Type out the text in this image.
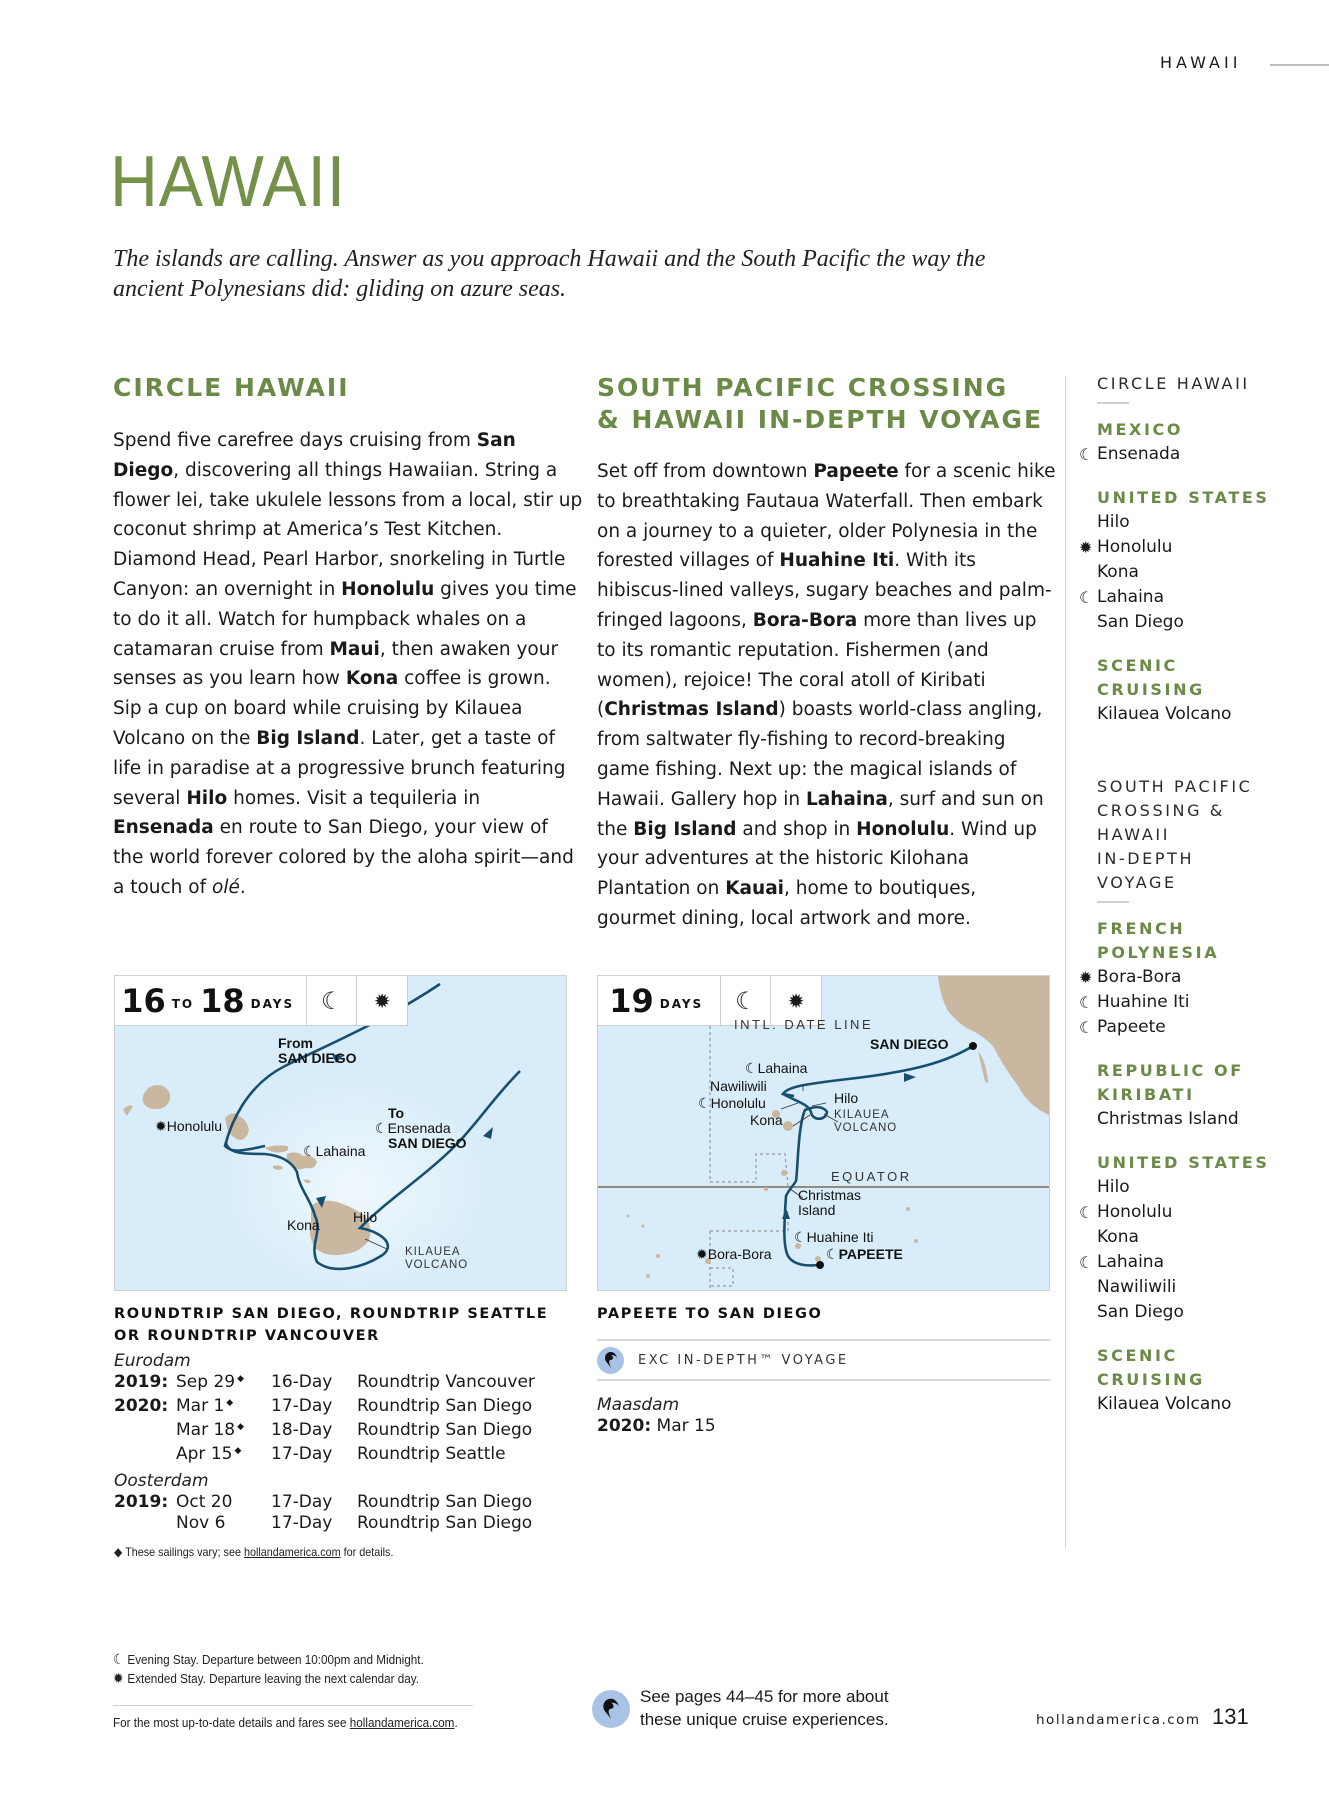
HAWAII
HAWAII

The islands are calling. Answer as you approach Hawaii and the South Pacific the way the ancient Polynesians did: gliding on azure seas.

CIRCLE HAWAII

Spend five carefree days cruising from San Diego, discovering all things Hawaiian. String a flower lei, take ukulele lessons from a local, stir up coconut shrimp at America’s Test Kitchen. Diamond Head, Pearl Harbor, snorkeling in Turtle Canyon: an overnight in Honolulu gives you time to do it all. Watch for humpback whales on a catamaran cruise from Maui, then awaken your senses as you learn how Kona coffee is grown. Sip a cup on board while cruising by Kilauea Volcano on the Big Island. Later, get a taste of life in paradise at a progressive brunch featuring several Hilo homes. Visit a tequileria in Ensenada en route to San Diego, your view of the world forever colored by the aloha spirit—and a touch of olé.

SOUTH PACIFIC CROSSING
& HAWAII IN-DEPTH VOYAGE

Set off from downtown Papeete for a scenic hike to breathtaking Fautaua Waterfall. Then embark on a journey to a quieter, older Polynesia in the forested villages of Huahine Iti. With its hibiscus-lined valleys, sugary beaches and palm-fringed lagoons, Bora-Bora more than lives up to its romantic reputation. Fishermen (and women), rejoice! The coral atoll of Kiribati (Christmas Island) boasts world-class angling, from saltwater fly-fishing to record-breaking game fishing. Next up: the magical islands of Hawaii. Gallery hop in Lahaina, surf and sun on the Big Island and shop in Honolulu. Wind up your adventures at the historic Kilohana Plantation on Kauai, home to boutiques, gourmet dining, local artwork and more.

16 TO 18 DAYS ☾ ✹
From
SAN DIEGO
✹Honolulu
☾Lahaina
To
☾Ensenada
SAN DIEGO
Kona Hilo
KILAUEA
VOLCANO
19 DAYS ☾ ✹
INTL. DATE LINE
SAN DIEGO
☾Lahaina
Nawiliwili
☾Honolulu
Kona
Hilo
KILAUEA
VOLCANO
EQUATOR
Christmas
Island
☾Huahine Iti
✹Bora-Bora	☾PAPEETE
ROUNDTRIP SAN DIEGO, ROUNDTRIP SEATTLE
OR ROUNDTRIP VANCOUVER
Eurodam
2019:	Sep 29 ◆	16-Day	Roundtrip Vancouver
2020:	Mar 1 ◆	17-Day	Roundtrip San Diego
	Mar 18 ◆	18-Day	Roundtrip San Diego
	Apr 15 ◆	17-Day	Roundtrip Seattle
Oosterdam
2019:	Oct 20	17-Day	Roundtrip San Diego
	Nov 6	17-Day	Roundtrip San Diego
◆ These sailings vary; see hollandamerica.com for details.
PAPEETE TO SAN DIEGO
EXC IN-DEPTH™ VOYAGE
Maasdam
2020: Mar 15
CIRCLE HAWAII
MEXICO
☾ Ensenada
UNITED STATES
Hilo
✹ Honolulu
Kona
☾ Lahaina
San Diego
SCENIC
CRUISING
Kilauea Volcano
SOUTH PACIFIC
CROSSING &
HAWAII
IN-DEPTH
VOYAGE
FRENCH
POLYNESIA
✹ Bora-Bora
☾ Huahine Iti
☾ Papeete
REPUBLIC OF
KIRIBATI
Christmas Island
UNITED STATES
Hilo
☾ Honolulu
Kona
☾ Lahaina
Nawiliwili
San Diego
SCENIC
CRUISING
Kilauea Volcano
☾ Evening Stay. Departure between 10:00pm and Midnight.
✹ Extended Stay. Departure leaving the next calendar day.
For the most up-to-date details and fares see hollandamerica.com.
See pages 44–45 for more about
these unique cruise experiences.	hollandamerica.com 131
